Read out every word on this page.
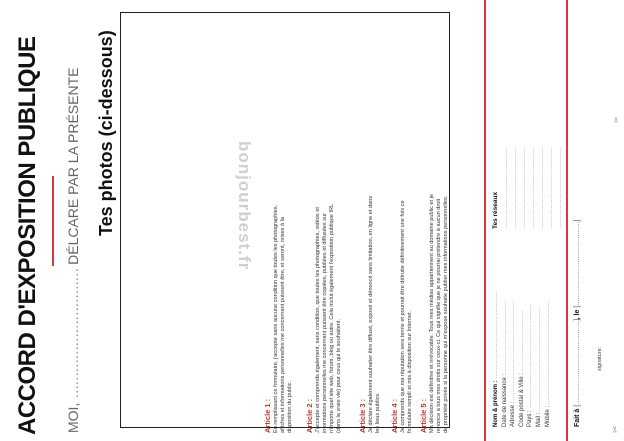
ACCORD D'EXPOSITION PUBLIQUE MOI, ………………………… DÉLCARE PAR LA PRÉSENTE Tes photos (ci-dessous)
Article 1 : En remplissant ce formulaire, j'accepte sans aucune condition que toutes les photographies, affiches et informations personnelles me concernant puissent être, et seront, mises à la disposition du public. Article 2 : J'accepte et comprends également, sans condition, que toutes les photographies, vidéos et informations personnelles me concernant puissent être copiées, publiées et diffusées sur n'importe quel site web, forum, blog ou autre. Cela inclut également l'exposition publique IRL (dans la vraie vie) pour ceux qui le souhaitent. Article 3 : Je déclare également souhaiter être diffusé, exposé et dénoncé sans limitation, en ligne et dans les lieux publics. Article 4 : Je comprends que ma réputation sera ternie et pourrait être détruite définitivement une fois ce formulaire rempli et mis à disposition sur Internet. Article 5 : Ma décision est définitive et irrévocable. Tous mes médias appartiennent au domaine public et je renonce à tous mes droits sur ceux-ci. Ce qui signifie que je ne pourrai prétendre à aucun droit de propriété privée si la personne qui m'expose souhaite publier mes informations personnelles.

bonjourbest.fr
Nom & prénom : …………………………………………
Date de naissance : …………………………………
Adresse : ………………………………………………
Code postal & Ville : ……………………………
Pays : …………………………………………………
Mail : …………………………………………………
Mobile : …………………………………………………
Tes réseaux ……………………………………… ……………………………………… ……………………………………… ……………………………………… ……………………………………… ……………………………………… ………………………………………
Fait à […………………………………], le […………………………………]
signature:
✂
✂
